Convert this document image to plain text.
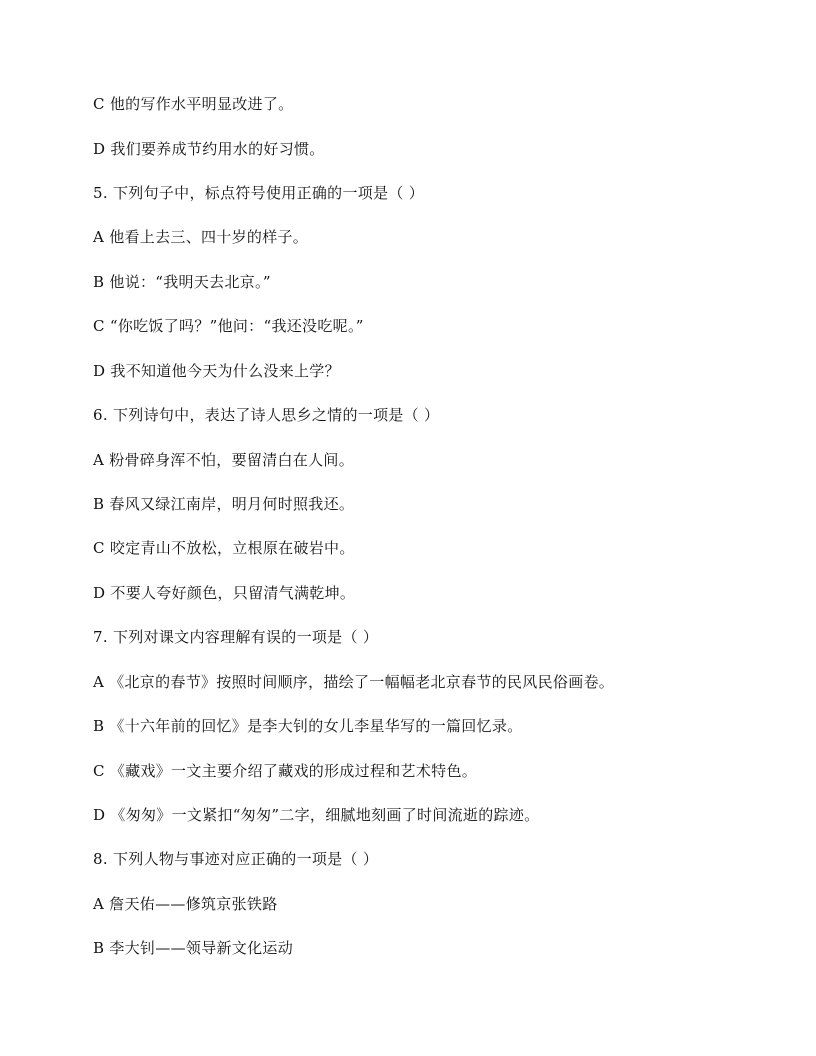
C 他的写作水平明显改进了。
D 我们要养成节约用水的好习惯。
5. 下列句子中，标点符号使用正确的一项是（ ）
A 他看上去三、四十岁的样子。
B 他说：“我明天去北京。”
C “你吃饭了吗？”他问：“我还没吃呢。”
D 我不知道他今天为什么没来上学？
6. 下列诗句中，表达了诗人思乡之情的一项是（ ）
A 粉骨碎身浑不怕，要留清白在人间。
B 春风又绿江南岸，明月何时照我还。
C 咬定青山不放松，立根原在破岩中。
D 不要人夸好颜色，只留清气满乾坤。
7. 下列对课文内容理解有误的一项是（ ）
A 《北京的春节》按照时间顺序，描绘了一幅幅老北京春节的民风民俗画卷。
B 《十六年前的回忆》是李大钊的女儿李星华写的一篇回忆录。
C 《藏戏》一文主要介绍了藏戏的形成过程和艺术特色。
D 《匆匆》一文紧扣“匆匆”二字，细腻地刻画了时间流逝的踪迹。
8. 下列人物与事迹对应正确的一项是（ ）
A 詹天佑——修筑京张铁路
B 李大钊——领导新文化运动
